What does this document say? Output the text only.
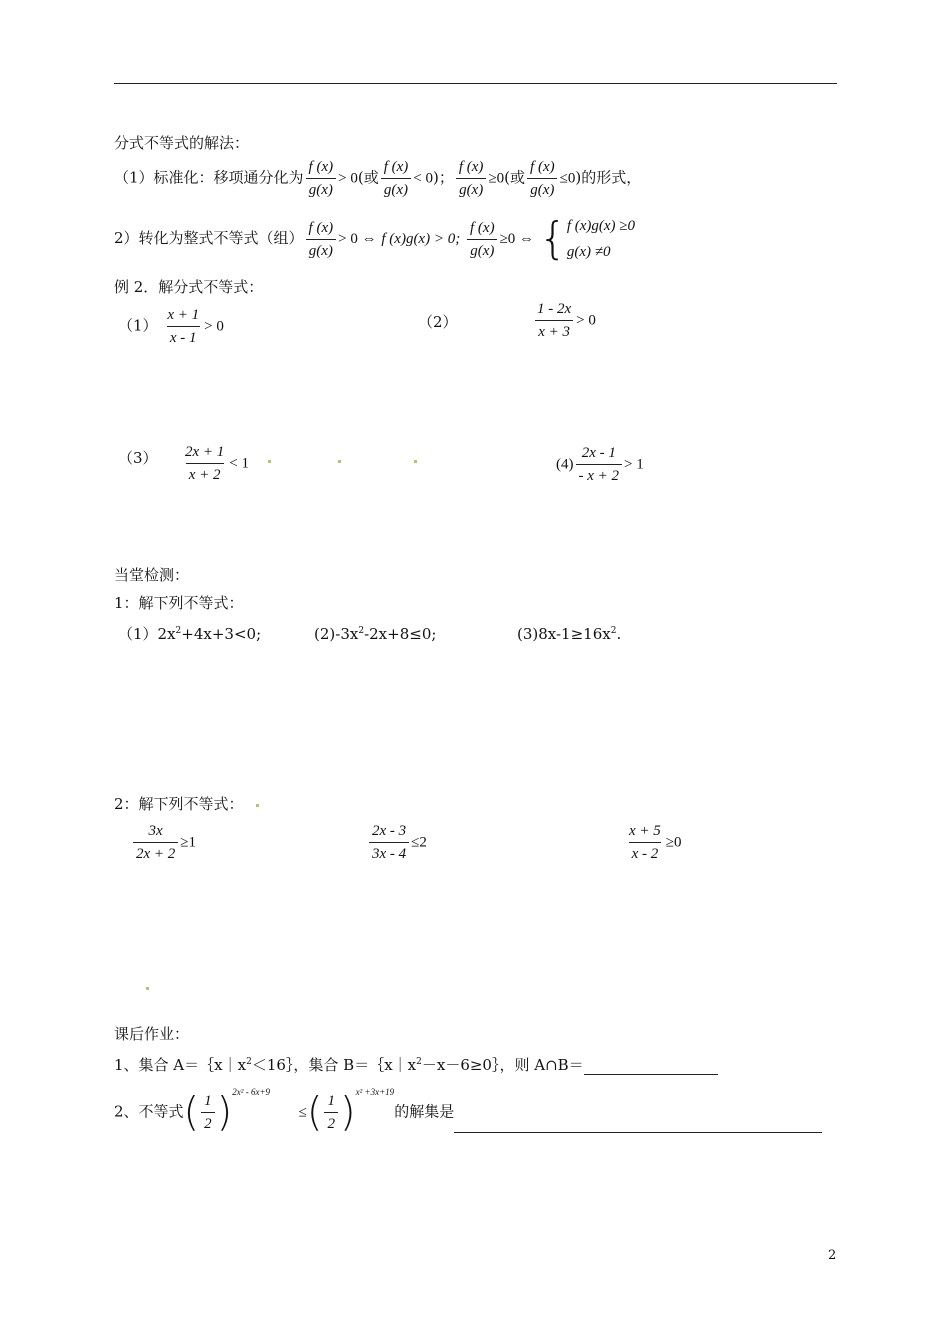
分式不等式的解法：
（1）标准化：移项通分化为 $\frac{f (x)}{g(x)} > 0$(或 $\frac{f (x)}{g(x)} < 0$)； $\frac{f (x)}{g(x)} \ge 0$(或 $\frac{f (x)}{g(x)} \le 0$)的形式，
2）转化为整式不等式（组） $\frac{f (x)}{g(x)} > 0$ ⇔ f (x)g(x) > 0; $\frac{f (x)}{g(x)} \ge 0$ ⇔ { f (x)g(x) ≥0
g(x) ≠0
例 2．解分式不等式：
$(1) \frac{x + 1}{x - 1} > 0$	（2）	$\frac{1 - 2x}{x + 3} > 0$
$(3) \frac{2x + 1}{x + 2} < 1$	$(4) \frac{2x - 1}{- x + 2} > 1$
当堂检测：
1：解下列不等式：
$(1)2x^2+4x+3<0$;	$(2)-3x^2-2x+8\le 0$;	$(3)8x-1\ge 16x^2$.
2：解下列不等式：
$\frac{3x}{2x + 2} \ge 1$	$\frac{2x - 3}{3x - 4} \le 2$	$\frac{x + 5}{x - 2} \ge 0$
课后作业：
1、集合 $A=\{x|x^2<16\}$，集合 $B=\{x|x^2-x-6\ge 0\}$，则 A∩B＝
2、不等式( $\frac{1}{2} )^{2x^2 - 6x+9}$      ≤( $\frac{1}{2} )^{x^2 +3x+19}$的解集是
2
